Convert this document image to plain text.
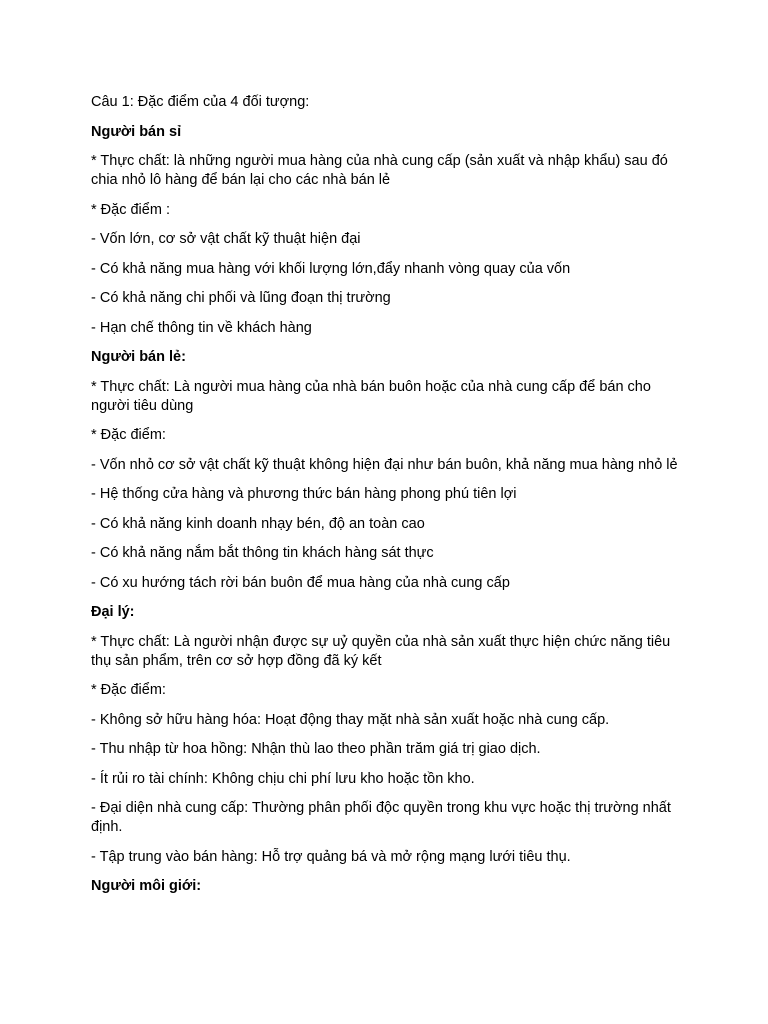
Câu 1: Đặc điểm của 4 đối tượng:

Người bán sỉ

* Thực chất: là những người mua hàng của nhà cung cấp (sản xuất và nhập khẩu) sau đó chia nhỏ lô hàng để bán lại cho các nhà bán lẻ

* Đặc điểm :

- Vốn lớn, cơ sở vật chất kỹ thuật hiện đại

- Có khả năng mua hàng với khối lượng lớn,đẩy nhanh vòng quay của vốn

- Có khả năng chi phối và lũng đoạn thị trường

- Hạn chế thông tin về khách hàng

Người bán lẻ:

* Thực chất: Là người mua hàng của nhà bán buôn hoặc của nhà cung cấp để bán cho người tiêu dùng

* Đặc điểm:

- Vốn nhỏ cơ sở vật chất kỹ thuật không hiện đại như bán buôn, khả năng mua hàng nhỏ lẻ

- Hệ thống cửa hàng và phương thức bán hàng phong phú tiên lợi

- Có khả năng kinh doanh nhạy bén, độ an toàn cao

- Có khả năng nắm bắt thông tin khách hàng sát thực

- Có xu hướng tách rời bán buôn để mua hàng của nhà cung cấp

Đại lý:

* Thực chất: Là người nhận được sự uỷ quyền của nhà sản xuất thực hiện chức năng tiêu thụ sản phẩm, trên cơ sở hợp đồng đã ký kết

* Đặc điểm:

- Không sở hữu hàng hóa: Hoạt động thay mặt nhà sản xuất hoặc nhà cung cấp.

- Thu nhập từ hoa hồng: Nhận thù lao theo phần trăm giá trị giao dịch.

- Ít rủi ro tài chính: Không chịu chi phí lưu kho hoặc tồn kho.

- Đại diện nhà cung cấp: Thường phân phối độc quyền trong khu vực hoặc thị trường nhất định.

- Tập trung vào bán hàng: Hỗ trợ quảng bá và mở rộng mạng lưới tiêu thụ.

Người môi giới:
